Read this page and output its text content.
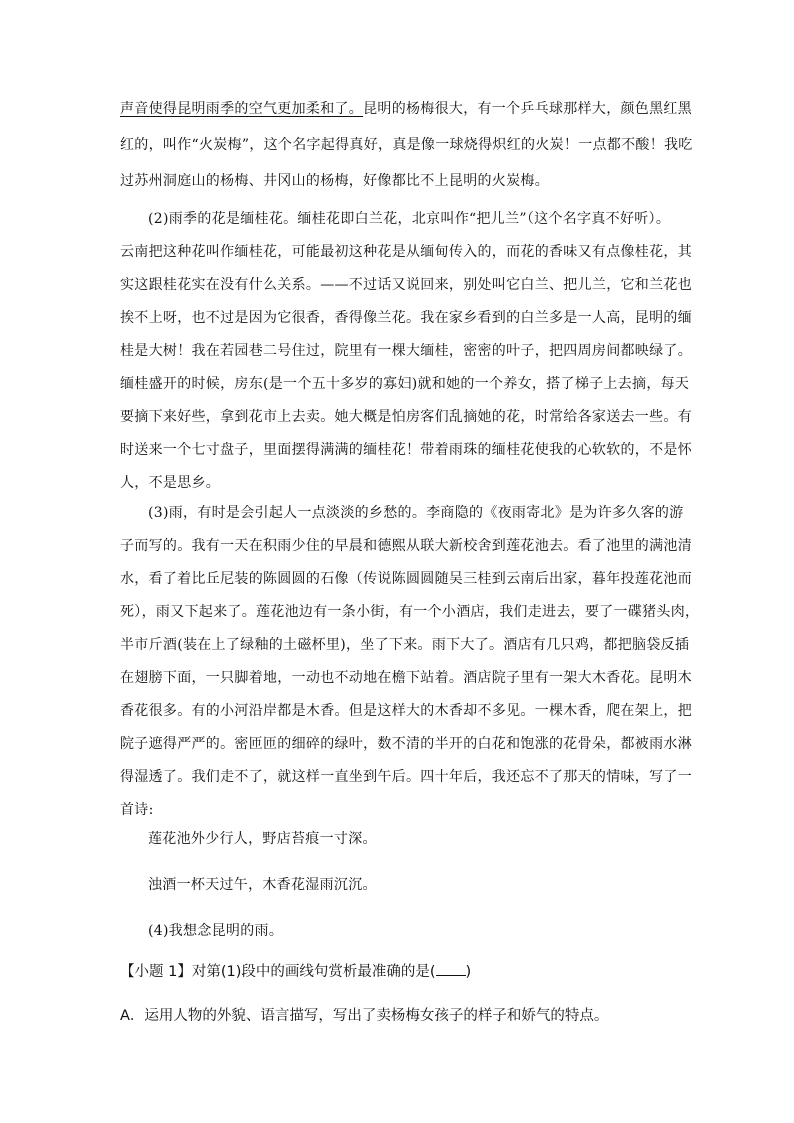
声音使得昆明雨季的空气更加柔和了。昆明的杨梅很大，有一个乒乓球那样大，颜色黑红黑
红的，叫作“火炭梅”，这个名字起得真好，真是像一球烧得炽红的火炭！一点都不酸！我吃
过苏州洞庭山的杨梅、井冈山的杨梅，好像都比不上昆明的火炭梅。
(2)雨季的花是缅桂花。缅桂花即白兰花，北京叫作“把儿兰”（这个名字真不好听）。
云南把这种花叫作缅桂花，可能最初这种花是从缅甸传入的，而花的香味又有点像桂花，其
实这跟桂花实在没有什么关系。——不过话又说回来，别处叫它白兰、把儿兰，它和兰花也
挨不上呀，也不过是因为它很香，香得像兰花。我在家乡看到的白兰多是一人高，昆明的缅
桂是大树！我在若园巷二号住过，院里有一棵大缅桂，密密的叶子，把四周房间都映绿了。
缅桂盛开的时候，房东(是一个五十多岁的寡妇)就和她的一个养女，搭了梯子上去摘，每天
要摘下来好些，拿到花市上去卖。她大概是怕房客们乱摘她的花，时常给各家送去一些。有
时送来一个七寸盘子，里面摆得满满的缅桂花！带着雨珠的缅桂花使我的心软软的，不是怀
人，不是思乡。
(3)雨，有时是会引起人一点淡淡的乡愁的。李商隐的《夜雨寄北》是为许多久客的游
子而写的。我有一天在积雨少住的早晨和德熙从联大新校舍到莲花池去。看了池里的满池清
水，看了着比丘尼装的陈圆圆的石像（传说陈圆圆随吴三桂到云南后出家，暮年投莲花池而
死），雨又下起来了。莲花池边有一条小街，有一个小酒店，我们走进去，要了一碟猪头肉，
半市斤酒(装在上了绿釉的土磁杯里)，坐了下来。雨下大了。酒店有几只鸡，都把脑袋反插
在翅膀下面，一只脚着地，一动也不动地在檐下站着。酒店院子里有一架大木香花。昆明木
香花很多。有的小河沿岸都是木香。但是这样大的木香却不多见。一棵木香，爬在架上，把
院子遮得严严的。密匝匝的细碎的绿叶，数不清的半开的白花和饱涨的花骨朵，都被雨水淋
得湿透了。我们走不了，就这样一直坐到午后。四十年后，我还忘不了那天的情味，写了一
首诗:
莲花池外少行人，野店苔痕一寸深。
浊酒一杯天过午，木香花湿雨沉沉。
(4)我想念昆明的雨。
【小题 1】对第(1)段中的画线句赏析最准确的是( )
A．运用人物的外貌、语言描写，写出了卖杨梅女孩子的样子和娇气的特点。
